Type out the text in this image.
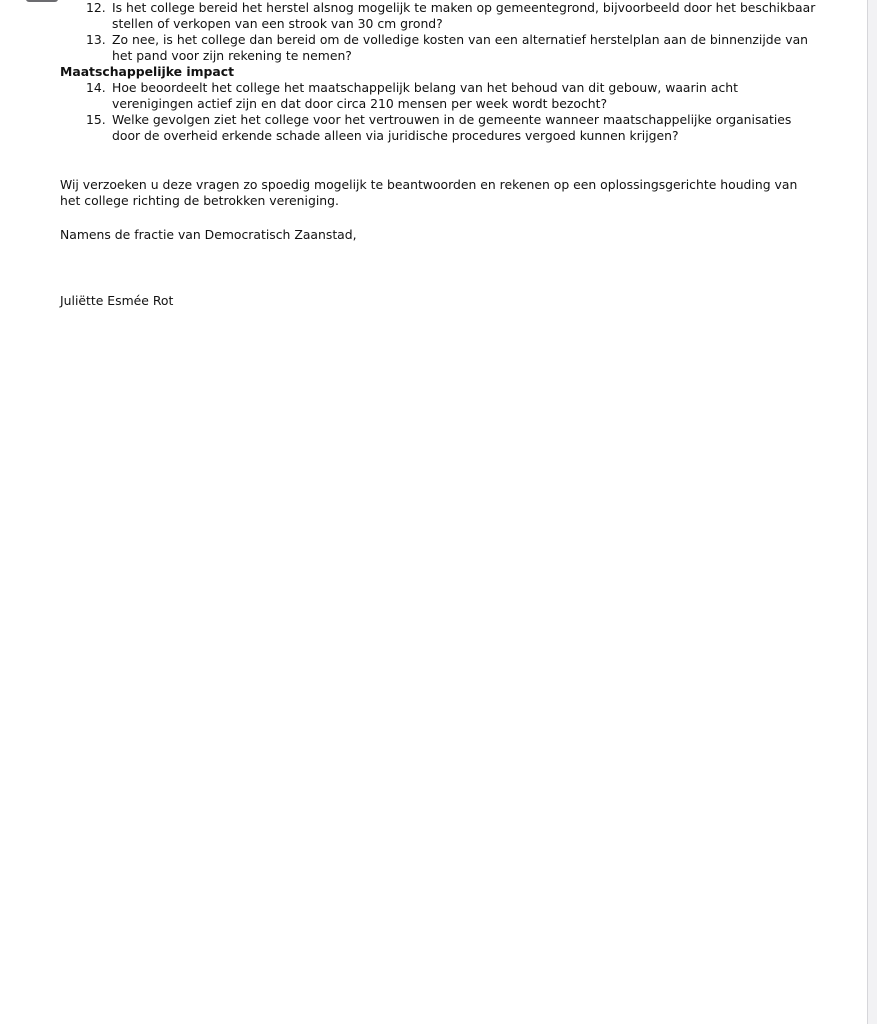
12. Is het college bereid het herstel alsnog mogelijk te maken op gemeentegrond, bijvoorbeeld door het beschikbaar stellen of verkopen van een strook van 30 cm grond?
13. Zo nee, is het college dan bereid om de volledige kosten van een alternatief herstelplan aan de binnenzijde van het pand voor zijn rekening te nemen?

Maatschappelijke impact

14. Hoe beoordeelt het college het maatschappelijk belang van het behoud van dit gebouw, waarin acht verenigingen actief zijn en dat door circa 210 mensen per week wordt bezocht?
15. Welke gevolgen ziet het college voor het vertrouwen in de gemeente wanneer maatschappelijke organisaties door de overheid erkende schade alleen via juridische procedures vergoed kunnen krijgen?

Wij verzoeken u deze vragen zo spoedig mogelijk te beantwoorden en rekenen op een oplossingsgerichte houding van het college richting de betrokken vereniging.

Namens de fractie van Democratisch Zaanstad,

Juliëtte Esmée Rot
